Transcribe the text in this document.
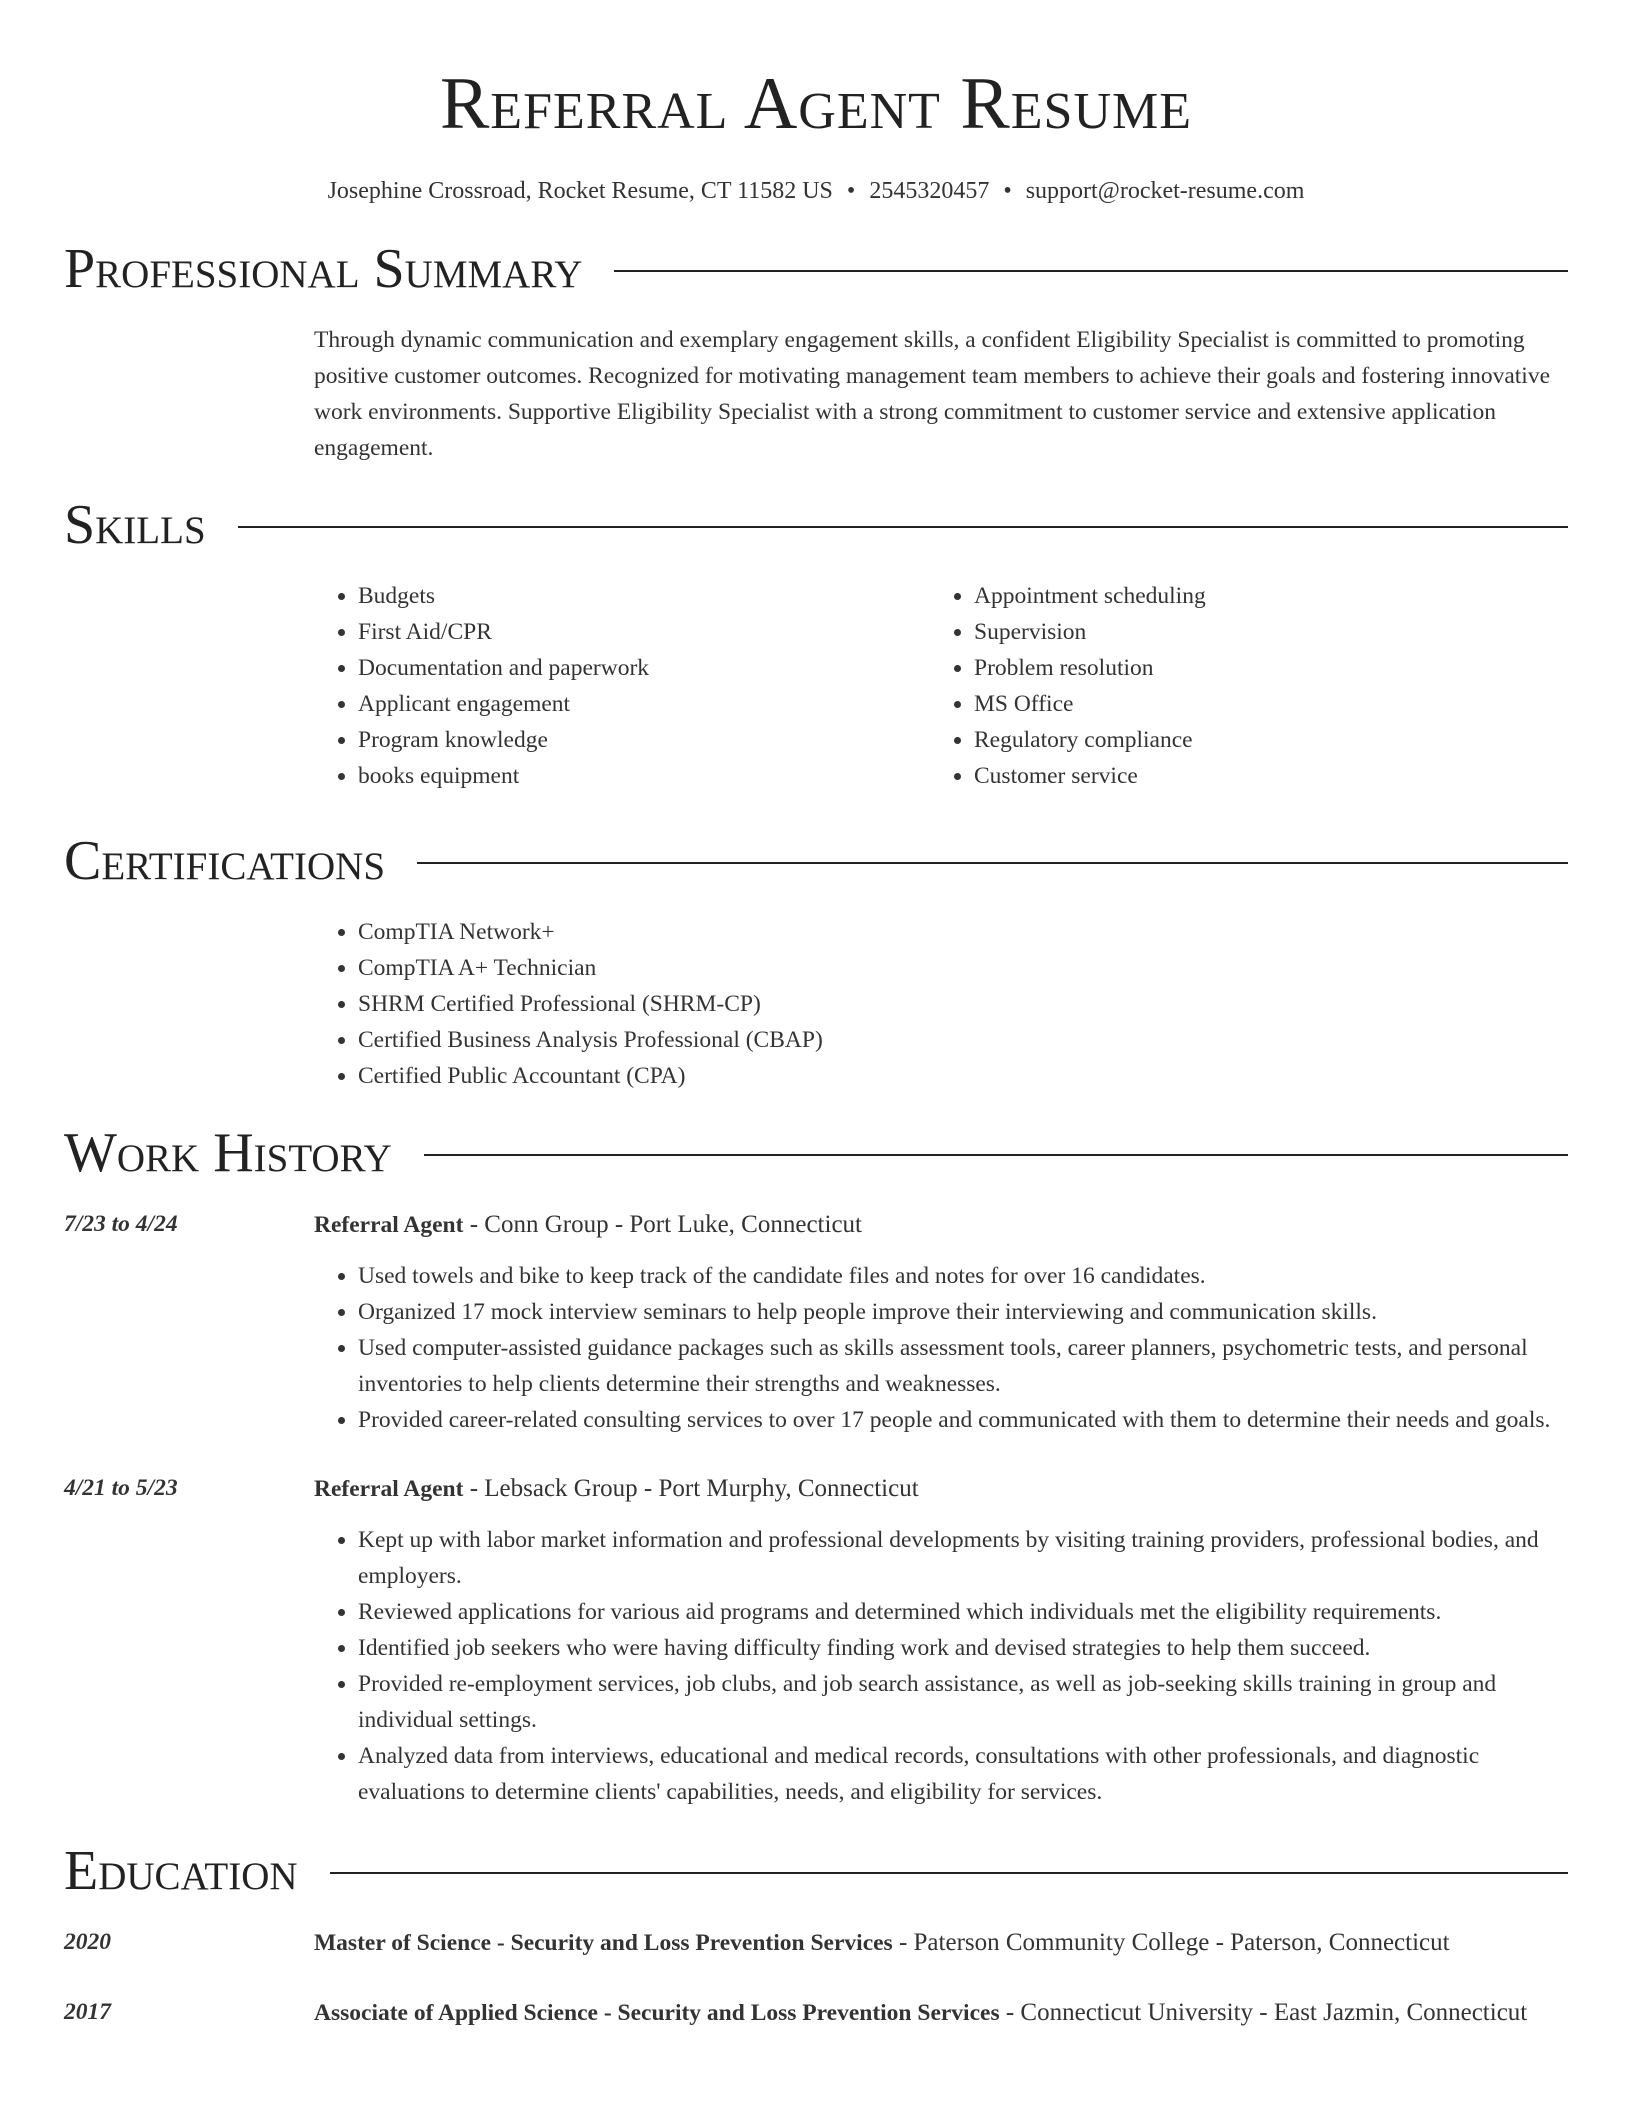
Referral Agent Resume
Josephine Crossroad, Rocket Resume, CT 11582 US • 2545320457 • support@rocket-resume.com
Professional Summary

Through dynamic communication and exemplary engagement skills, a confident Eligibility Specialist is committed to promoting positive customer outcomes. Recognized for motivating management team members to achieve their goals and fostering innovative work environments. Supportive Eligibility Specialist with a strong commitment to customer service and extensive application engagement.

Skills
• Budgets
• First Aid/CPR
• Documentation and paperwork
• Applicant engagement
• Program knowledge
• books equipment
• Appointment scheduling
• Supervision
• Problem resolution
• MS Office
• Regulatory compliance
• Customer service
Certifications
• CompTIA Network+
• CompTIA A+ Technician
• SHRM Certified Professional (SHRM-CP)
• Certified Business Analysis Professional (CBAP)
• Certified Public Accountant (CPA)
Work History
7/23 to 4/24	Referral Agent - Conn Group - Port Luke, Connecticut
• Used towels and bike to keep track of the candidate files and notes for over 16 candidates.
• Organized 17 mock interview seminars to help people improve their interviewing and communication skills.
• Used computer-assisted guidance packages such as skills assessment tools, career planners, psychometric tests, and personal inventories to help clients determine their strengths and weaknesses.
• Provided career-related consulting services to over 17 people and communicated with them to determine their needs and goals.
4/21 to 5/23	Referral Agent - Lebsack Group - Port Murphy, Connecticut
• Kept up with labor market information and professional developments by visiting training providers, professional bodies, and employers.
• Reviewed applications for various aid programs and determined which individuals met the eligibility requirements.
• Identified job seekers who were having difficulty finding work and devised strategies to help them succeed.
• Provided re-employment services, job clubs, and job search assistance, as well as job-seeking skills training in group and individual settings.
• Analyzed data from interviews, educational and medical records, consultations with other professionals, and diagnostic evaluations to determine clients' capabilities, needs, and eligibility for services.
Education
2020	Master of Science - Security and Loss Prevention Services - Paterson Community College - Paterson, Connecticut
2017	Associate of Applied Science - Security and Loss Prevention Services - Connecticut University - East Jazmin, Connecticut
